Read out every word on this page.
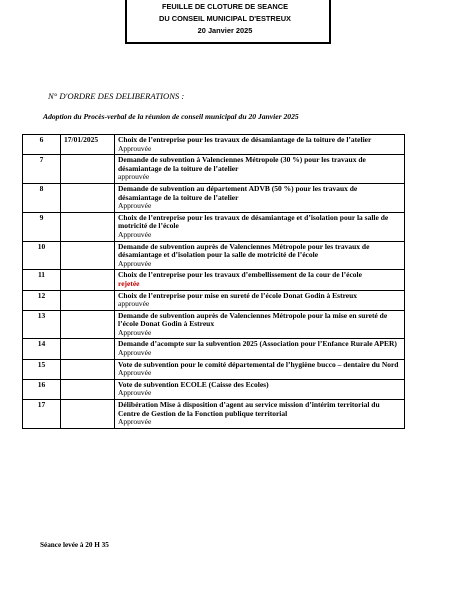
FEUILLE DE CLOTURE DE SEANCE
DU CONSEIL MUNICIPAL D'ESTREUX
20 Janvier 2025
N° D'ORDRE DES DELIBERATIONS :
Adoption du Procès-verbal de la réunion de conseil municipal du 20 Janvier 2025
6	17/01/2025	Choix de l’entreprise pour les travaux de désamiantage de la toiture de l’atelier
Approuvée

7		Demande de subvention à Valenciennes Métropole (30 %) pour les travaux de désamiantage de la toiture de l’atelier
approuvée

8		Demande de subvention au département ADVB (50 %) pour les travaux de désamiantage de la toiture de l’atelier
Approuvée

9		Choix de l’entreprise pour les travaux de désamiantage et d’isolation pour la salle de motricité de l’école
Approuvée

10		Demande de subvention auprès de Valenciennes Métropole pour les travaux de désamiantage et d’isolation pour la salle de motricité de l’école
Approuvée

11		Choix de l’entreprise pour les travaux d’embellissement de la cour de l’école
rejetée

12		Choix de l’entreprise pour mise en sureté de l’école Donat Godin à Estreux
approuvée

13		Demande de subvention auprès de Valenciennes Métropole pour la mise en sureté de l’école Donat Godin à Estreux
Approuvée

14		Demande d’acompte sur la subvention 2025 (Association pour l’Enfance Rurale APER)
Approuvée

15		Vote de subvention pour le comité départemental de l’hygiène bucco – dentaire du Nord
Approuvée

16		Vote de subvention ECOLE (Caisse des Ecoles)
Approuvée

17		Délibération Mise à disposition d’agent au service mission d’intérim territorial du Centre de Gestion de la Fonction publique territorial
Approuvée
Séance levée à 20 H 35
